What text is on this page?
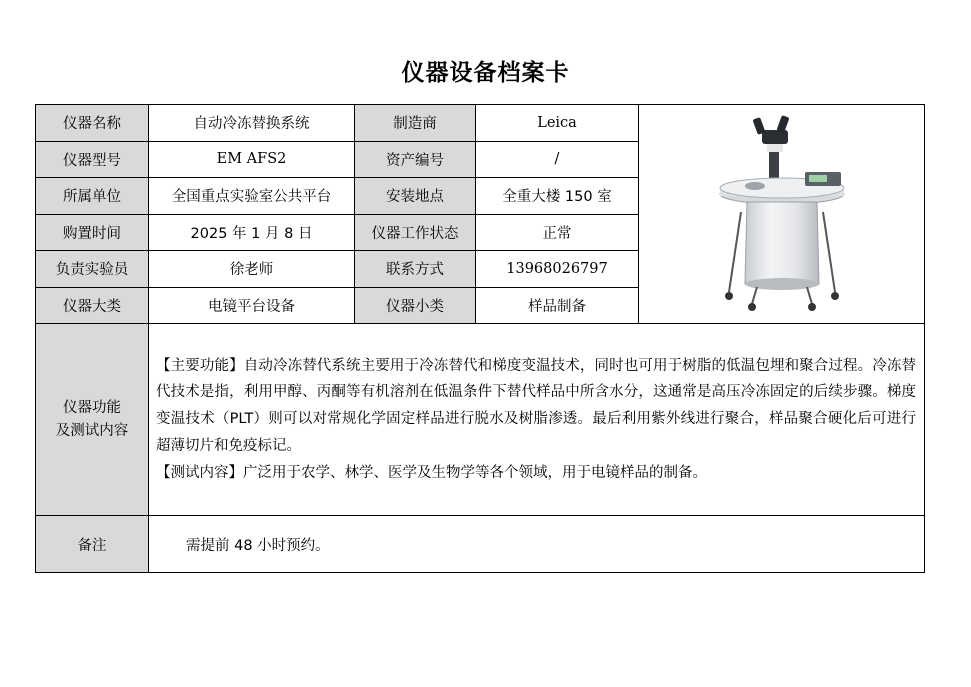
仪器设备档案卡
仪器名称	自动冷冻替换系统	制造商	Leica	
仪器型号	EM AFS2	资产编号	/	
所属单位	全国重点实验室公共平台	安装地点	全重大楼 150 室	
购置时间	2025 年 1 月 8 日	仪器工作状态	正常	
负责实验员	徐老师	联系方式	13968026797	
仪器大类	电镜平台设备	仪器小类	样品制备	
仪器功能
及测试内容	【主要功能】自动冷冻替代系统主要用于冷冻替代和梯度变温技术，同时也可用于树脂的低温包埋和聚合过程。冷冻替代技术是指，利用甲醇、丙酮等有机溶剂在低温条件下替代样品中所含水分，这通常是高压冷冻固定的后续步骤。梯度变温技术（PLT）则可以对常规化学固定样品进行脱水及树脂渗透。最后利用紫外线进行聚合，样品聚合硬化后可进行超薄切片和免疫标记。
【测试内容】广泛用于农学、林学、医学及生物学等各个领域，用于电镜样品的制备。			
备注	需提前 48 小时预约。			
